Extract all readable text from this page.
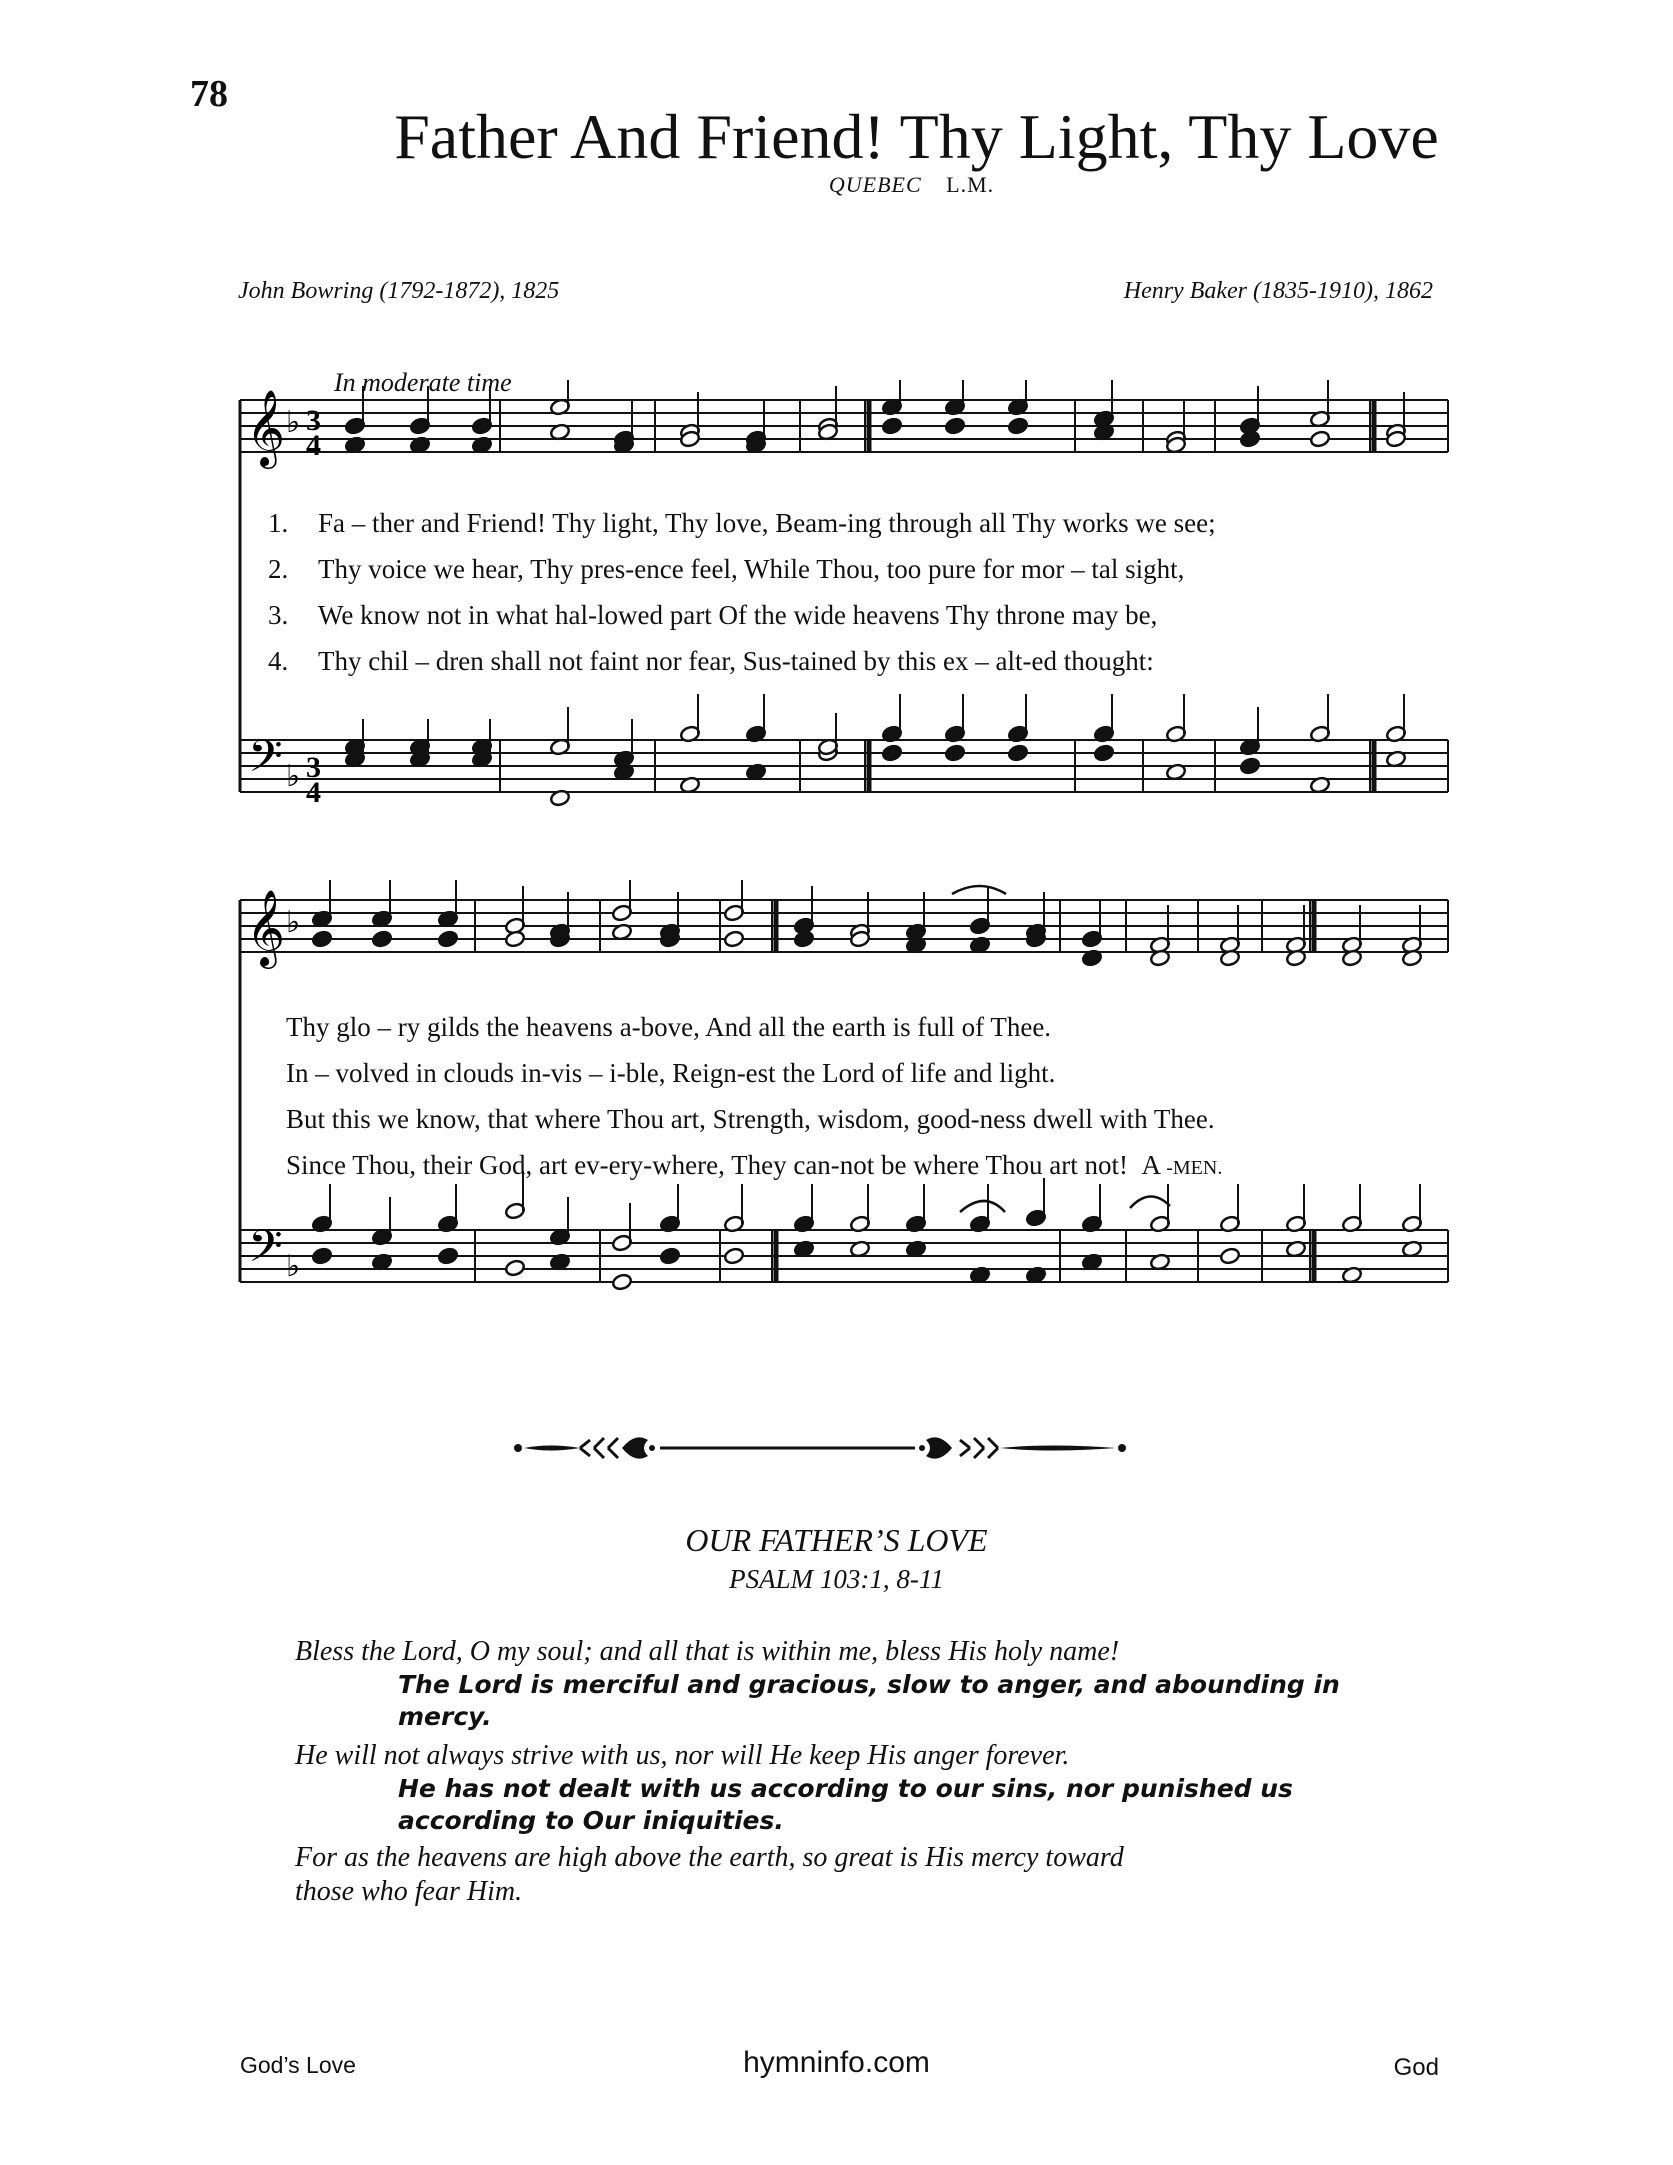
78
Father And Friend! Thy Light, Thy Love
QUEBEC L.M.
John Bowring (1792-1872), 1825	Henry Baker (1835-1910), 1862
In moderate time
3
4
3
4
𝄞
𝄢
♭
♭
1. Fa – ther and Friend! Thy light, Thy love, Beam-ing through all Thy works we see;
2. Thy voice we hear, Thy pres-ence feel, While Thou, too pure for mor – tal sight,
3. We know not in what hal-lowed part Of the wide heavens Thy throne may be,
4. Thy chil – dren shall not faint nor fear, Sus-tained by this ex – alt-ed thought:
𝄞
𝄢
♭
♭
Thy glo – ry gilds the heavens a-bove, And all the earth is full of Thee.
In – volved in clouds in-vis – i-ble, Reign-est the Lord of life and light.
But this we know, that where Thou art, Strength, wisdom, good-ness dwell with Thee.
Since Thou, their God, art ev-ery-where, They can-not be where Thou art not! A -MEN.
OUR FATHER’S LOVE
PSALM 103:1, 8-11
Bless the Lord, O my soul; and all that is within me, bless His holy name!
The Lord is merciful and gracious, slow to anger, and abounding in
mercy.
He will not always strive with us, nor will He keep His anger forever.
He has not dealt with us according to our sins, nor punished us
according to Our iniquities.
For as the heavens are high above the earth, so great is His mercy toward
those who fear Him.
God’s Love	hymninfo.com	God
